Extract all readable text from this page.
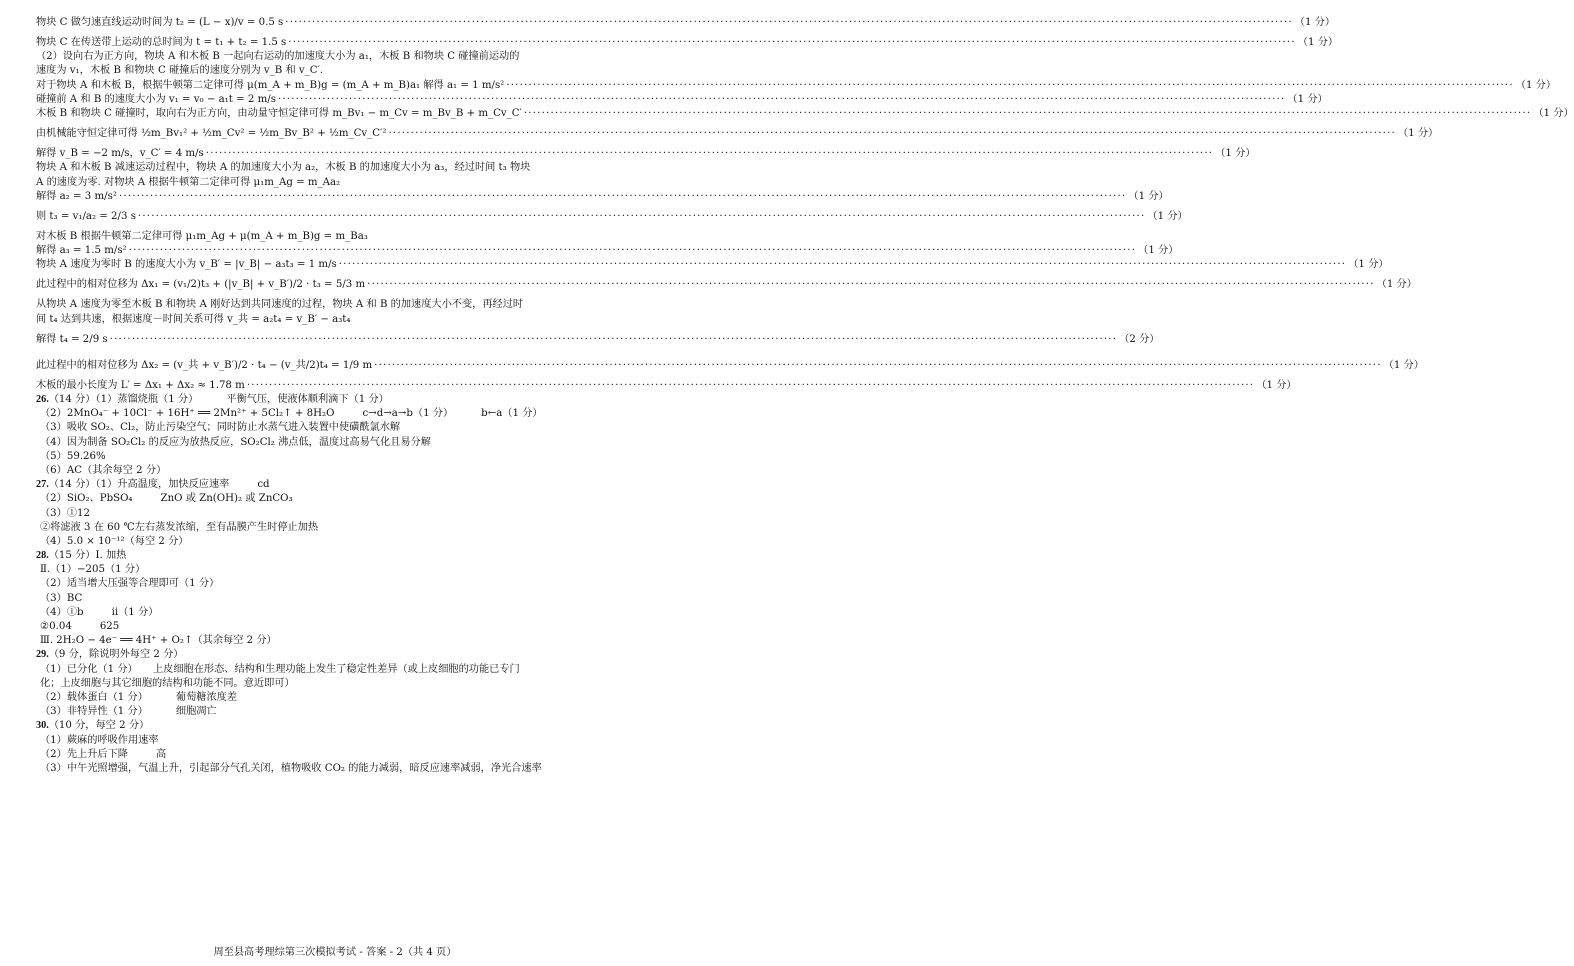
物块 C 做匀速直线运动时间为 t₂ = (L − x)/v = 0.5 s ·····	（1 分）
物块 C 在传送带上运动的总时间为 t = t₁ + t₂ = 1.5 s ·····	（1 分）
（2）设向右为正方向，物块 A 和木板 B 一起向右运动的加速度大小为 a₁，木板 B 和物块 C 碰撞前运动的
速度为 v₁，木板 B 和物块 C 碰撞后的速度分别为 v_B 和 v_C′.
对于物块 A 和木板 B，根据牛顿第二定律可得 μ(m_A + m_B)g = (m_A + m_B)a₁ 解得 a₁ = 1 m/s² ·····	（1 分）
碰撞前 A 和 B 的速度大小为 v₁ = v₀ − a₁t = 2 m/s ·····	（1 分）
木板 B 和物块 C 碰撞时，取向右为正方向，由动量守恒定律可得 m_Bv₁ − m_Cv = m_Bv_B + m_Cv_C′ ·····	（1 分）
由机械能守恒定律可得 ½m_Bv₁² + ½m_Cv² = ½m_Bv_B² + ½m_Cv_C′² ·····	（1 分）
解得 v_B = −2 m/s，v_C′ = 4 m/s ·····	（1 分）
物块 A 和木板 B 减速运动过程中，物块 A 的加速度大小为 a₂，木板 B 的加速度大小为 a₃，经过时间 t₃ 物块
A 的速度为零. 对物块 A 根据牛顿第二定律可得 μ₁m_Ag = m_Aa₂
解得 a₂ = 3 m/s² ·····	（1 分）
则 t₃ = v₁/a₂ = 2/3 s ·····	（1 分）
对木板 B 根据牛顿第二定律可得 μ₁m_Ag + μ(m_A + m_B)g = m_Ba₃
解得 a₃ = 1.5 m/s² ·····	（1 分）
物块 A 速度为零时 B 的速度大小为 v_B′ = |v_B| − a₃t₃ = 1 m/s ·····	（1 分）
此过程中的相对位移为 Δx₁ = (v₁/2)t₃ + (|v_B| + v_B′)/2 · t₃ = 5/3 m ·····	（1 分）
从物块 A 速度为零至木板 B 和物块 A 刚好达到共同速度的过程，物块 A 和 B 的加速度大小不变，再经过时
间 t₄ 达到共速，根据速度－时间关系可得 v_共 = a₂t₄ = v_B′ − a₃t₄
解得 t₄ = 2/9 s ·····	（2 分）
此过程中的相对位移为 Δx₂ = (v_共 + v_B′)/2 · t₄ − (v_共/2)t₄ = 1/9 m ·····	（1 分）
木板的最小长度为 L′ = Δx₁ + Δx₂ ≈ 1.78 m ·····	（1 分）
26.（14 分）（1）蒸馏烧瓶（1 分）	平衡气压，使液体顺利滴下（1 分）
（2）2MnO₄⁻ + 10Cl⁻ + 16H⁺ ══ 2Mn²⁺ + 5Cl₂↑ + 8H₂O	c→d→a→b（1 分）	b←a（1 分）
（3）吸收 SO₂、Cl₂，防止污染空气；同时防止水蒸气进入装置中使磺酰氯水解
（4）因为制备 SO₂Cl₂ 的反应为放热反应，SO₂Cl₂ 沸点低，温度过高易气化且易分解
（5）59.26%
（6）AC（其余每空 2 分）
27.（14 分）（1）升高温度，加快反应速率	cd
（2）SiO₂、PbSO₄	ZnO 或 Zn(OH)₂ 或 ZnCO₃
（3）①12
②将滤液 3 在 60 ℃左右蒸发浓缩，至有晶膜产生时停止加热
（4）5.0 × 10⁻¹²（每空 2 分）
28.（15 分）Ⅰ. 加热
Ⅱ.（1）−205（1 分）
（2）适当增大压强等合理即可（1 分）
（3）BC
（4）①b	ⅱ（1 分）
②0.04	625
Ⅲ. 2H₂O − 4e⁻ ══ 4H⁺ + O₂↑（其余每空 2 分）
29.（9 分，除说明外每空 2 分）
（1）已分化（1 分）　　上皮细胞在形态、结构和生理功能上发生了稳定性差异（或上皮细胞的功能已专门
化；上皮细胞与其它细胞的结构和功能不同。意近即可）
（2）载体蛋白（1 分）	葡萄糖浓度差
（3）非特异性（1 分）	细胞凋亡
30.（10 分，每空 2 分）
（1）蕨麻的呼吸作用速率
（2）先上升后下降	高
（3）中午光照增强，气温上升，引起部分气孔关闭，植物吸收 CO₂ 的能力减弱，暗反应速率减弱，净光合速率
周至县高考理综第三次模拟考试 - 答案 - 2（共 4 页）
